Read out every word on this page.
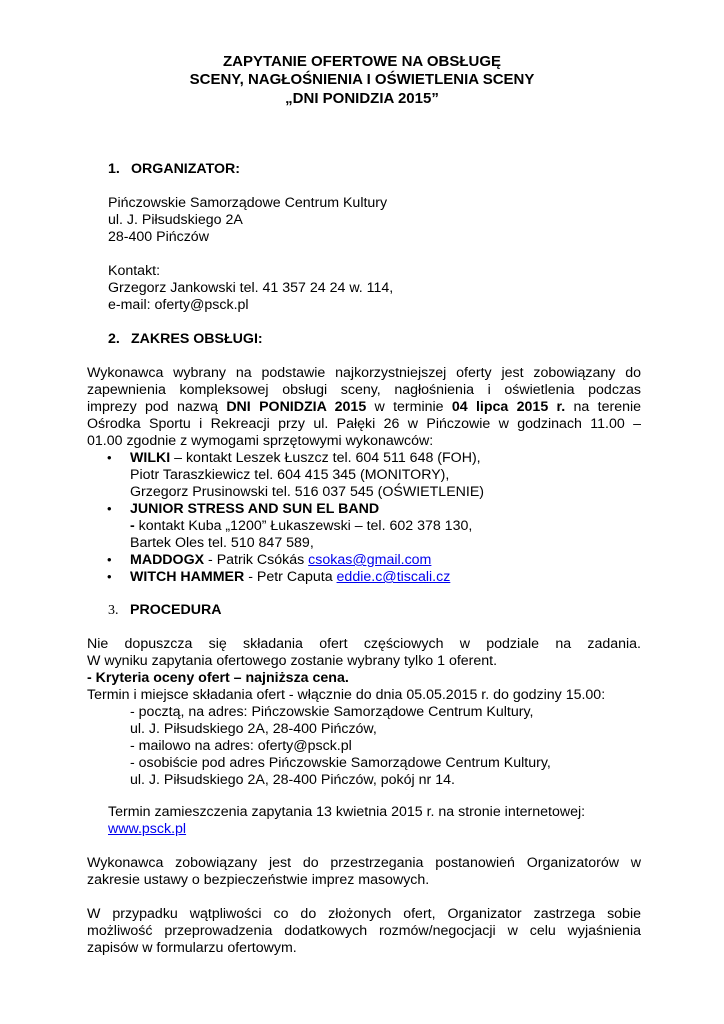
ZAPYTANIE OFERTOWE NA OBSŁUGĘ
SCENY, NAGŁOŚNIENIA I OŚWIETLENIA SCENY
„DNI PONIDZIA 2015”
1. ORGANIZATOR:
Pińczowskie Samorządowe Centrum Kultury
ul. J. Piłsudskiego 2A
28-400 Pińczów
Kontakt:
Grzegorz Jankowski tel. 41 357 24 24 w. 114,
e-mail: oferty@psck.pl
2. ZAKRES OBSŁUGI:
Wykonawca wybrany na podstawie najkorzystniejszej oferty jest zobowiązany do
zapewnienia kompleksowej obsługi sceny, nagłośnienia i oświetlenia podczas
imprezy pod nazwą DNI PONIDZIA 2015 w terminie 04 lipca 2015 r. na terenie
Ośrodka Sportu i Rekreacji przy ul. Pałęki 26 w Pińczowie w godzinach 11.00 –
01.00 zgodnie z wymogami sprzętowymi wykonawców:
• WILKI – kontakt Leszek Łuszcz tel. 604 511 648 (FOH),
Piotr Taraszkiewicz tel. 604 415 345 (MONITORY),
Grzegorz Prusinowski tel. 516 037 545 (OŚWIETLENIE)
• JUNIOR STRESS AND SUN EL BAND
- kontakt Kuba „1200” Łukaszewski – tel. 602 378 130,
Bartek Oles tel. 510 847 589,
• MADDOGX - Patrik Csókás csokas@gmail.com
• WITCH HAMMER - Petr Caputa eddie.c@tiscali.cz
3. PROCEDURA
Nie dopuszcza się składania ofert częściowych w podziale na zadania.
W wyniku zapytania ofertowego zostanie wybrany tylko 1 oferent.
- Kryteria oceny ofert – najniższa cena.
Termin i miejsce składania ofert - włącznie do dnia 05.05.2015 r. do godziny 15.00:
- pocztą, na adres: Pińczowskie Samorządowe Centrum Kultury,
ul. J. Piłsudskiego 2A, 28-400 Pińczów,
- mailowo na adres: oferty@psck.pl
- osobiście pod adres Pińczowskie Samorządowe Centrum Kultury,
ul. J. Piłsudskiego 2A, 28-400 Pińczów, pokój nr 14.
Termin zamieszczenia zapytania 13 kwietnia 2015 r. na stronie internetowej:
www.psck.pl
Wykonawca zobowiązany jest do przestrzegania postanowień Organizatorów w
zakresie ustawy o bezpieczeństwie imprez masowych.
W przypadku wątpliwości co do złożonych ofert, Organizator zastrzega sobie
możliwość przeprowadzenia dodatkowych rozmów/negocjacji w celu wyjaśnienia
zapisów w formularzu ofertowym.
